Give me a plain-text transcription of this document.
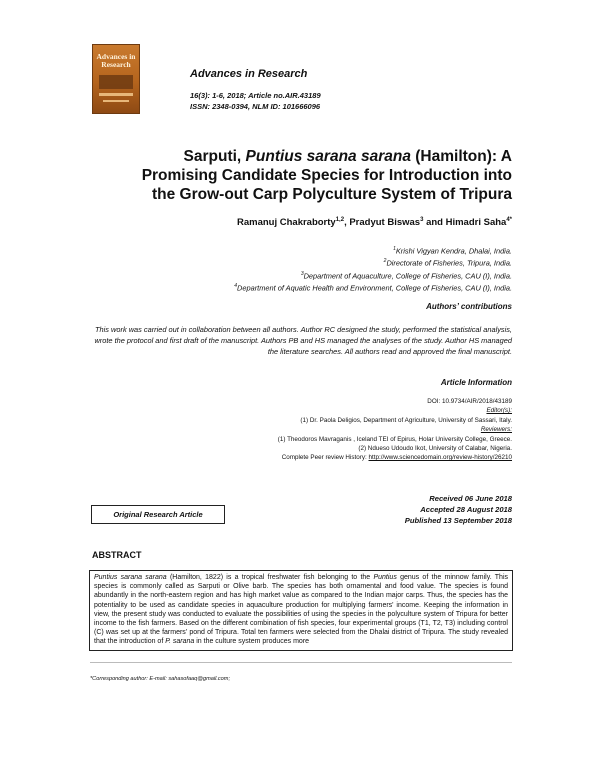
Advances in
Research
Advances in Research
16(3): 1-6, 2018; Article no.AIR.43189
ISSN: 2348-0394, NLM ID: 101666096
Sarputi, Puntius sarana sarana (Hamilton): A
Promising Candidate Species for Introduction into
the Grow-out Carp Polyculture System of Tripura
Ramanuj Chakraborty$^{1,2}$, Pradyut Biswas$^3$ and Himadri Saha$^{4*}$
$^1$Krishi Vigyan Kendra, Dhalai, India.
$^2$Directorate of Fisheries, Tripura, India.
$^3$Department of Aquaculture, College of Fisheries, CAU (I), India.
$^4$Department of Aquatic Health and Environment, College of Fisheries, CAU (I), India.
Authors’ contributions
This work was carried out in collaboration between all authors. Author RC designed the study, performed the statistical analysis, wrote the protocol and first draft of the manuscript. Authors PB and HS managed the analyses of the study. Author HS managed the literature searches. All authors read and approved the final manuscript.
Article Information
DOI: 10.9734/AIR/2018/43189
Editor(s):
(1) Dr. Paola Deligios, Department of Agriculture, University of Sassari, Italy.
Reviewers:
(1) Theodoros Mavraganis , Iceland TEI of Epirus, Holar University College, Greece.
(2) Ndueso Udoudo Ikot, University of Calabar, Nigeria.
Complete Peer review History: http://www.sciencedomain.org/review-history/26210
Original Research Article
Received 06 June 2018
Accepted 28 August 2018
Published 13 September 2018
ABSTRACT

Puntius sarana sarana (Hamilton, 1822) is a tropical freshwater fish belonging to the Puntius genus of the minnow family. This species is commonly called as Sarputi or Olive barb. The species has both ornamental and food value. The species is found abundantly in the north-eastern region and has high market value as compared to the Indian major carps. Thus, the species has the potentiality to be used as candidate species in aquaculture production for multiplying farmers' income. Keeping the information in view, the present study was conducted to evaluate the possibilities of using the species in the polyculture system of Tripura for better income to the fish farmers. Based on the different combination of fish species, four experimental groups (T1, T2, T3) including control (C) was set up at the farmers' pond of Tripura. Total ten farmers were selected from the Dhalai district of Tripura. The study revealed that the introduction of P. sarana in the culture system produces more

*Corresponding author: E-mail: sahasofaaq@gmail.com;
